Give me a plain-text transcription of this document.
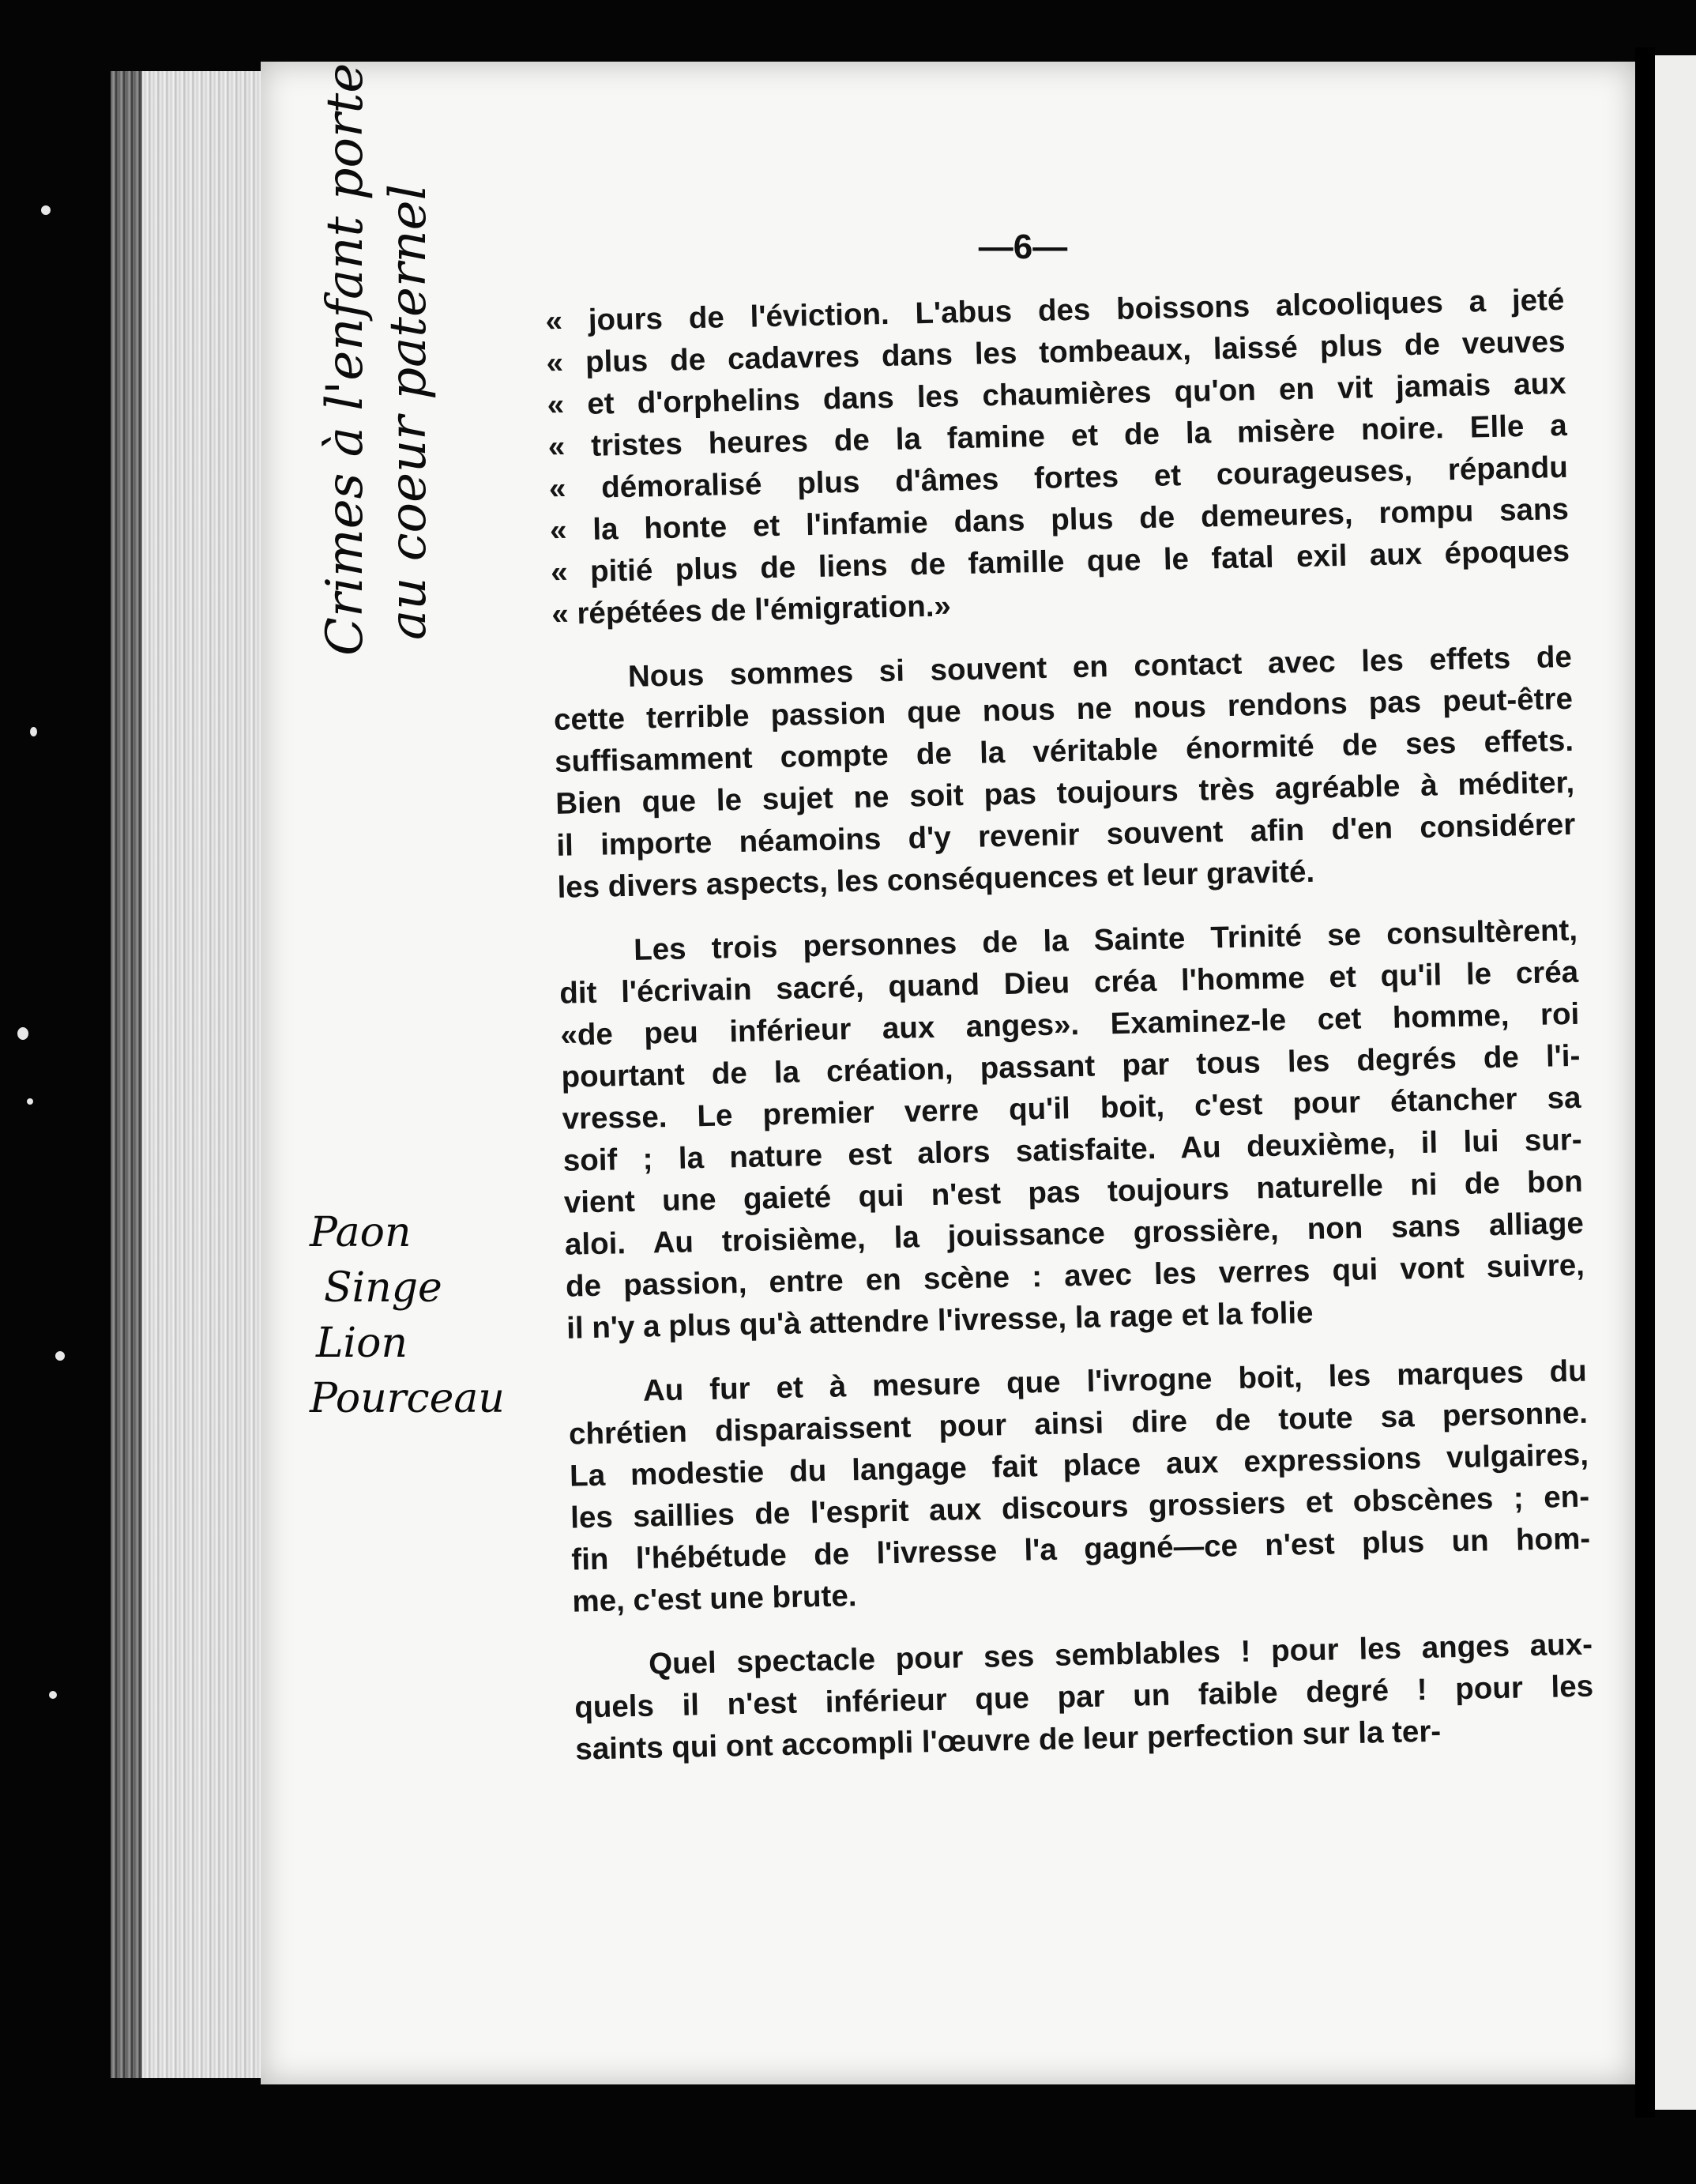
—6—
Crimes à l'enfant porte au coeur paternel
Paon
Singe
Lion
Pourceau
« jours de l'éviction. L'abus des boissons alcooliques a jeté
« plus de cadavres dans les tombeaux, laissé plus de veuves
« et d'orphelins dans les chaumières qu'on en vit jamais aux
« tristes heures de la famine et de la misère noire. Elle a
« démoralisé plus d'âmes fortes et courageuses, répandu
« la honte et l'infamie dans plus de demeures, rompu sans
« pitié plus de liens de famille que le fatal exil aux époques
« répétées de l'émigration.»
Nous sommes si souvent en contact avec les effets de
cette terrible passion que nous ne nous rendons pas peut-être
suffisamment compte de la véritable énormité de ses effets.
Bien que le sujet ne soit pas toujours très agréable à méditer,
il importe néamoins d'y revenir souvent afin d'en considérer
les divers aspects, les conséquences et leur gravité.
Les trois personnes de la Sainte Trinité se consultèrent,
dit l'écrivain sacré, quand Dieu créa l'homme et qu'il le créa
«de peu inférieur aux anges». Examinez-le cet homme, roi
pourtant de la création, passant par tous les degrés de l'i-
vresse. Le premier verre qu'il boit, c'est pour étancher sa
soif ; la nature est alors satisfaite. Au deuxième, il lui sur-
vient une gaieté qui n'est pas toujours naturelle ni de bon
aloi. Au troisième, la jouissance grossière, non sans alliage
de passion, entre en scène : avec les verres qui vont suivre,
il n'y a plus qu'à attendre l'ivresse, la rage et la folie
Au fur et à mesure que l'ivrogne boit, les marques du
chrétien disparaissent pour ainsi dire de toute sa personne.
La modestie du langage fait place aux expressions vulgaires,
les saillies de l'esprit aux discours grossiers et obscènes ; en-
fin l'hébétude de l'ivresse l'a gagné—ce n'est plus un hom-
me, c'est une brute.
Quel spectacle pour ses semblables ! pour les anges aux-
quels il n'est inférieur que par un faible degré ! pour les
saints qui ont accompli l'œuvre de leur perfection sur la ter-
